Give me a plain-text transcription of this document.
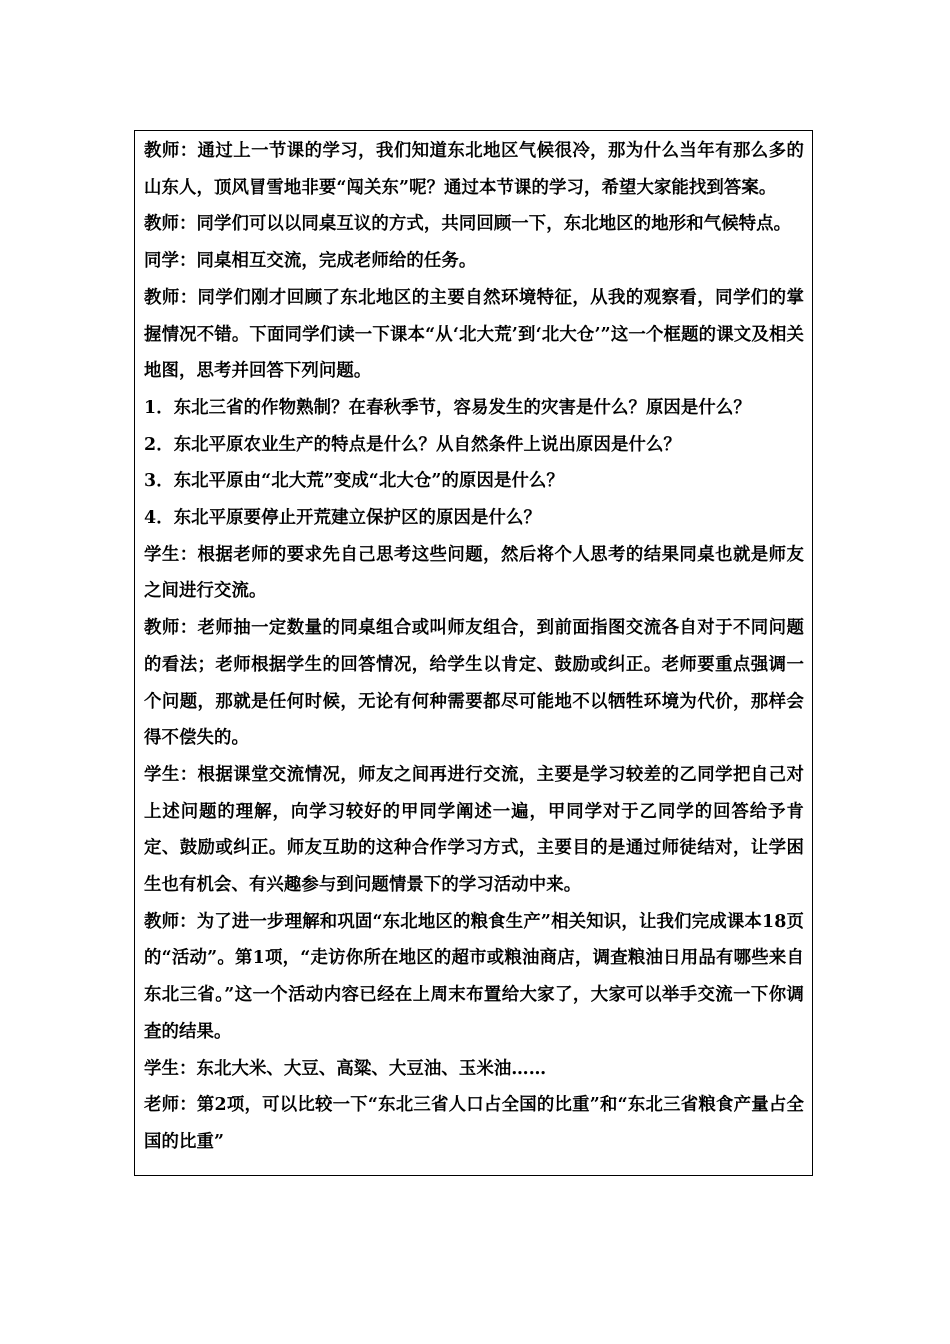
教师：通过上一节课的学习，我们知道东北地区气候很冷，那为什么当年有那么多的山东人，顶风冒雪地非要“闯关东”呢？通过本节课的学习，希望大家能找到答案。

教师：同学们可以以同桌互议的方式，共同回顾一下，东北地区的地形和气候特点。

同学：同桌相互交流，完成老师给的任务。

教师：同学们刚才回顾了东北地区的主要自然环境特征，从我的观察看，同学们的掌握情况不错。下面同学们读一下课本“从‘北大荒’到‘北大仓’”这一个框题的课文及相关地图，思考并回答下列问题。

1．东北三省的作物熟制？在春秋季节，容易发生的灾害是什么？原因是什么？

2．东北平原农业生产的特点是什么？从自然条件上说出原因是什么？

3．东北平原由“北大荒”变成“北大仓”的原因是什么？

4．东北平原要停止开荒建立保护区的原因是什么？

学生：根据老师的要求先自己思考这些问题，然后将个人思考的结果同桌也就是师友之间进行交流。

教师：老师抽一定数量的同桌组合或叫师友组合，到前面指图交流各自对于不同问题的看法；老师根据学生的回答情况，给学生以肯定、鼓励或纠正。老师要重点强调一个问题，那就是任何时候，无论有何种需要都尽可能地不以牺牲环境为代价，那样会得不偿失的。

学生：根据课堂交流情况，师友之间再进行交流，主要是学习较差的乙同学把自己对上述问题的理解，向学习较好的甲同学阐述一遍，甲同学对于乙同学的回答给予肯定、鼓励或纠正。师友互助的这种合作学习方式，主要目的是通过师徒结对，让学困生也有机会、有兴趣参与到问题情景下的学习活动中来。

教师：为了进一步理解和巩固“东北地区的粮食生产”相关知识，让我们完成课本18页的“活动”。第1项，“走访你所在地区的超市或粮油商店，调查粮油日用品有哪些来自东北三省。”这一个活动内容已经在上周末布置给大家了，大家可以举手交流一下你调查的结果。

学生：东北大米、大豆、高粱、大豆油、玉米油……

老师：第2项，可以比较一下“东北三省人口占全国的比重”和“东北三省粮食产量占全国的比重”
